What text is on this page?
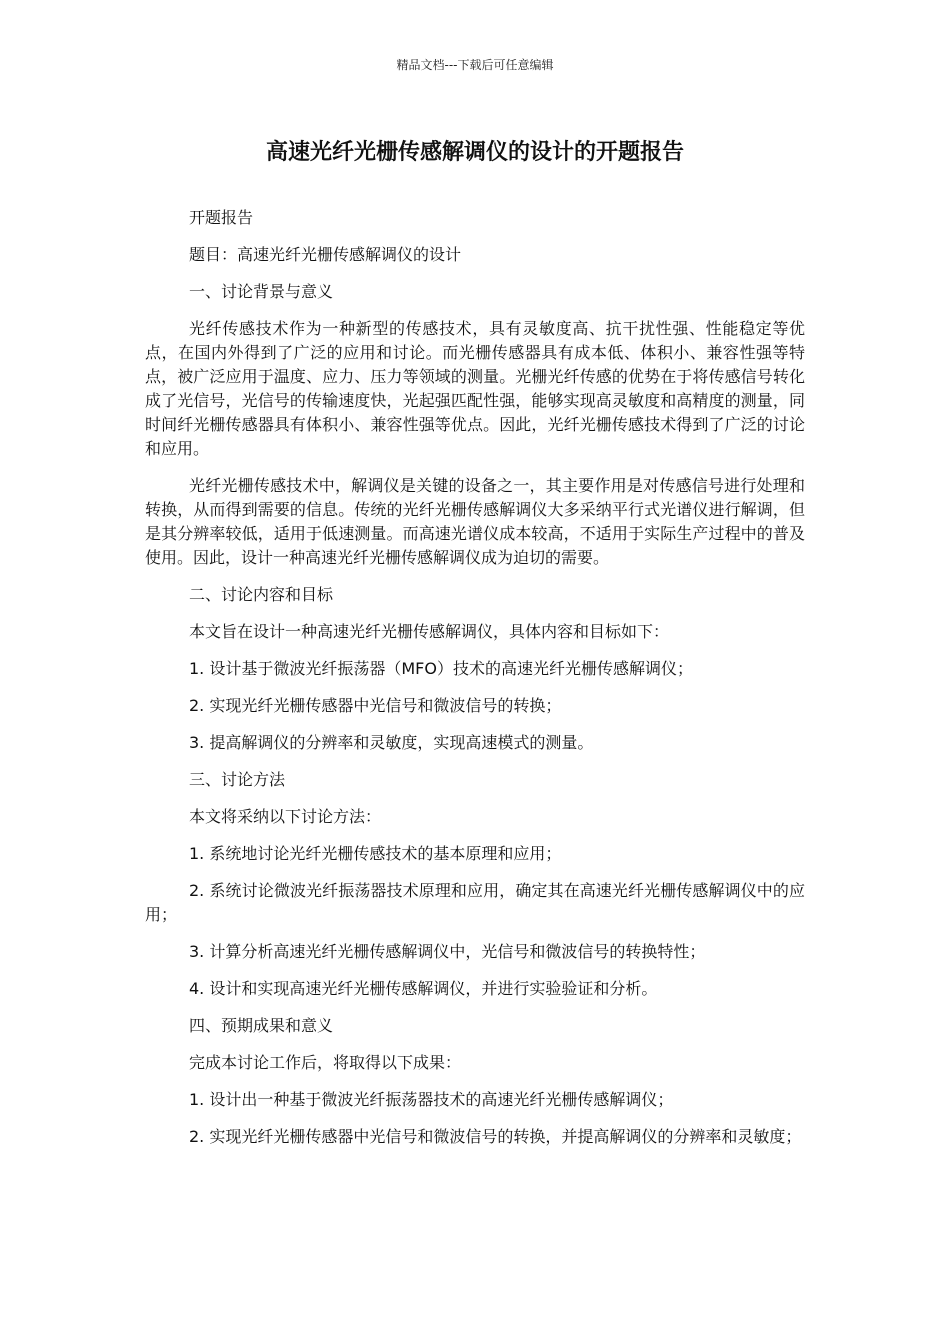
精品文档---下载后可任意编辑
高速光纤光栅传感解调仪的设计的开题报告

开题报告

题目：高速光纤光栅传感解调仪的设计

一、讨论背景与意义

光纤传感技术作为一种新型的传感技术，具有灵敏度高、抗干扰性强、性能稳定等优点，在国内外得到了广泛的应用和讨论。而光栅传感器具有成本低、体积小、兼容性强等特点，被广泛应用于温度、应力、压力等领域的测量。光栅光纤传感的优势在于将传感信号转化成了光信号，光信号的传输速度快，光起强匹配性强，能够实现高灵敏度和高精度的测量，同时间纤光栅传感器具有体积小、兼容性强等优点。因此，光纤光栅传感技术得到了广泛的讨论和应用。

光纤光栅传感技术中，解调仪是关键的设备之一，其主要作用是对传感信号进行处理和转换，从而得到需要的信息。传统的光纤光栅传感解调仪大多采纳平行式光谱仪进行解调，但是其分辨率较低，适用于低速测量。而高速光谱仪成本较高，不适用于实际生产过程中的普及使用。因此，设计一种高速光纤光栅传感解调仪成为迫切的需要。

二、讨论内容和目标

本文旨在设计一种高速光纤光栅传感解调仪，具体内容和目标如下：

1. 设计基于微波光纤振荡器（MFO）技术的高速光纤光栅传感解调仪；

2. 实现光纤光栅传感器中光信号和微波信号的转换；

3. 提高解调仪的分辨率和灵敏度，实现高速模式的测量。

三、讨论方法

本文将采纳以下讨论方法：

1. 系统地讨论光纤光栅传感技术的基本原理和应用；

2. 系统讨论微波光纤振荡器技术原理和应用，确定其在高速光纤光栅传感解调仪中的应用；

3. 计算分析高速光纤光栅传感解调仪中，光信号和微波信号的转换特性；

4. 设计和实现高速光纤光栅传感解调仪，并进行实验验证和分析。

四、预期成果和意义

完成本讨论工作后，将取得以下成果：

1. 设计出一种基于微波光纤振荡器技术的高速光纤光栅传感解调仪；

2. 实现光纤光栅传感器中光信号和微波信号的转换，并提高解调仪的分辨率和灵敏度；
